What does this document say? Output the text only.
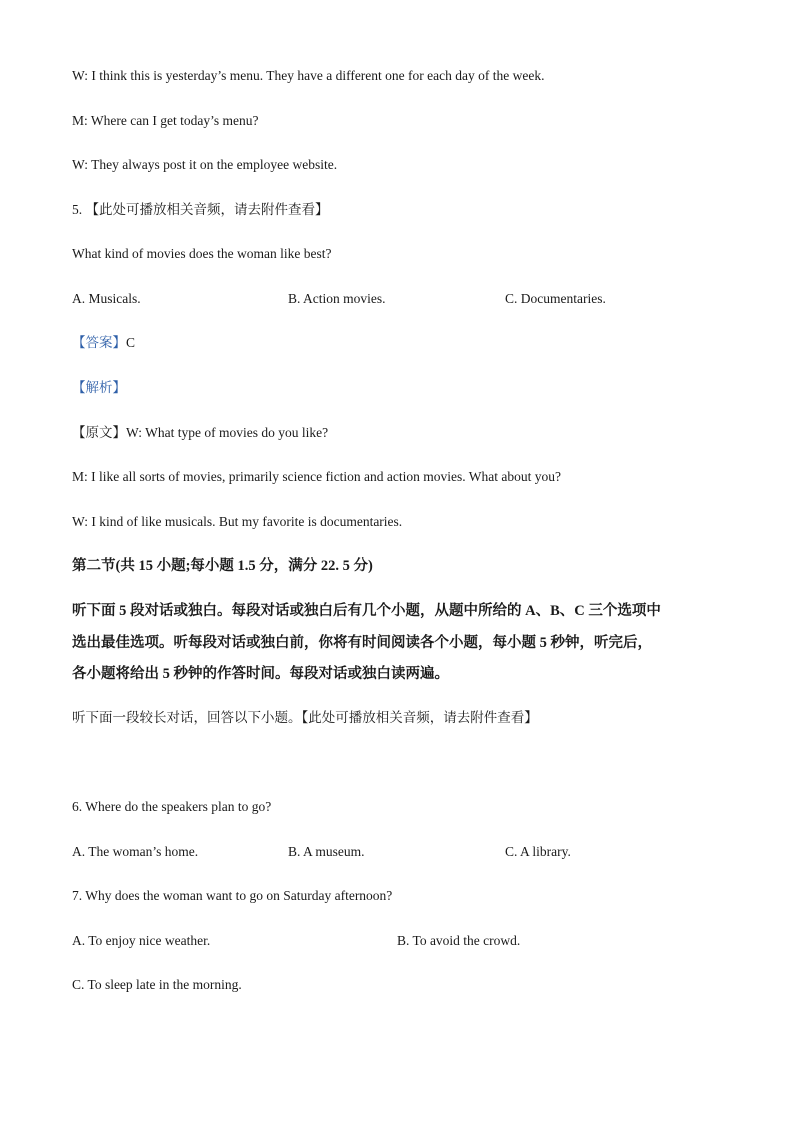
W: I think this is yesterday’s menu. They have a different one for each day of the week.
M: Where can I get today’s menu?
W: They always post it on the employee website.
5. 【此处可播放相关音频，请去附件查看】
What kind of movies does the woman like best?
A. Musicals.	B. Action movies.	C. Documentaries.
【答案】C
【解析】
【原文】W: What type of movies do you like?
M: I like all sorts of movies, primarily science fiction and action movies. What about you?
W: I kind of like musicals. But my favorite is documentaries.
第二节(共 15 小题;每小题 1.5 分，满分 22. 5 分)
听下面 5 段对话或独白。每段对话或独白后有几个小题，从题中所给的 A、B、C 三个选项中
选出最佳选项。听每段对话或独白前，你将有时间阅读各个小题，每小题 5 秒钟，听完后，
各小题将给出 5 秒钟的作答时间。每段对话或独白读两遍。
听下面一段较长对话，回答以下小题。【此处可播放相关音频，请去附件查看】
6. Where do the speakers plan to go?
A. The woman’s home.	B. A museum.	C. A library.
7. Why does the woman want to go on Saturday afternoon?
A. To enjoy nice weather.	B. To avoid the crowd.
C. To sleep late in the morning.
